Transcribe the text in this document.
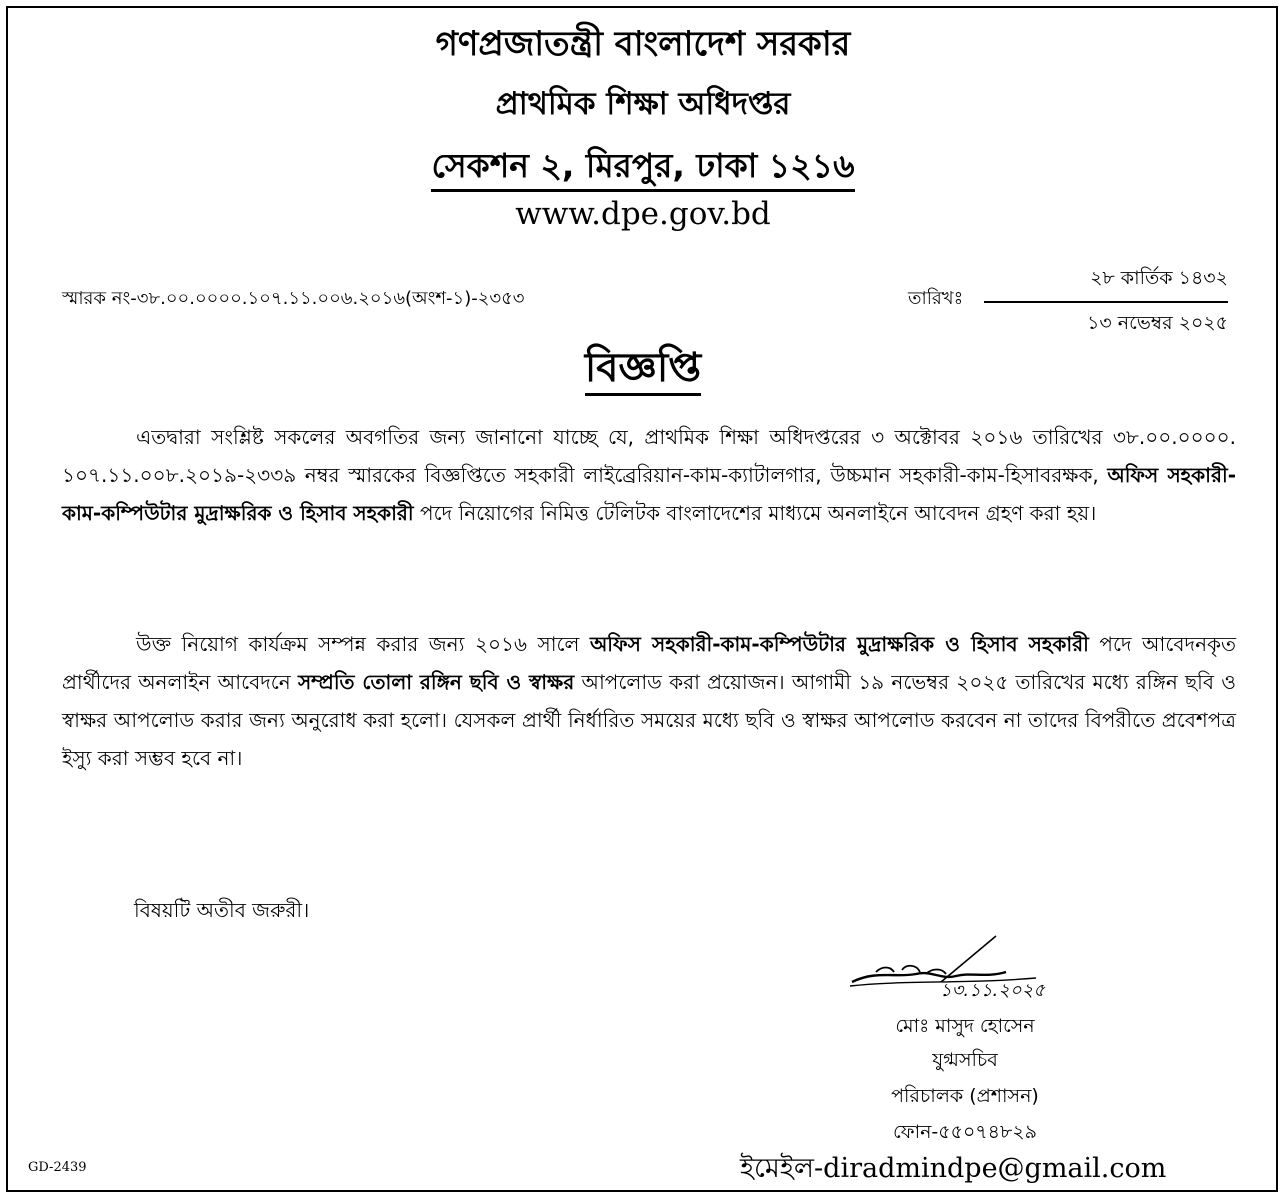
গণপ্রজাতন্ত্রী বাংলাদেশ সরকার
প্রাথমিক শিক্ষা অধিদপ্তর
সেকশন ২, মিরপুর, ঢাকা ১২১৬
www.dpe.gov.bd
স্মারক নং-৩৮.০০.০০০০.১০৭.১১.০০৬.২০১৬(অংশ-১)-২৩৫৩	তারিখঃ
২৮ কার্তিক ১৪৩২
১৩ নভেম্বর ২০২৫
বিজ্ঞপ্তি
এতদ্বারা সংশ্লিষ্ট সকলের অবগতির জন্য জানানো যাচ্ছে যে, প্রাথমিক শিক্ষা অধিদপ্তরের ৩ অক্টোবর ২০১৬ তারিখের ৩৮.০০.০০০০. ১০৭.১১.০০৮.২০১৯-২৩৩৯ নম্বর স্মারকের বিজ্ঞপ্তিতে সহকারী লাইব্রেরিয়ান-কাম-ক্যাটালগার, উচ্চমান সহকারী-কাম-হিসাবরক্ষক, অফিস সহকারী-কাম-কম্পিউটার মুদ্রাক্ষরিক ও হিসাব সহকারী পদে নিয়োগের নিমিত্ত টেলিটক বাংলাদেশের মাধ্যমে অনলাইনে আবেদন গ্রহণ করা হয়।
উক্ত নিয়োগ কার্যক্রম সম্পন্ন করার জন্য ২০১৬ সালে অফিস সহকারী-কাম-কম্পিউটার মুদ্রাক্ষরিক ও হিসাব সহকারী পদে আবেদনকৃত প্রার্থীদের অনলাইন আবেদনে সম্প্রতি তোলা রঙ্গিন ছবি ও স্বাক্ষর আপলোড করা প্রয়োজন। আগামী ১৯ নভেম্বর ২০২৫ তারিখের মধ্যে রঙ্গিন ছবি ও স্বাক্ষর আপলোড করার জন্য অনুরোধ করা হলো। যেসকল প্রার্থী নির্ধারিত সময়ের মধ্যে ছবি ও স্বাক্ষর আপলোড করবেন না তাদের বিপরীতে প্রবেশপত্র ইস্যু করা সম্ভব হবে না।
বিষয়টি অতীব জরুরী।
১৩.১১.২০২৫
মোঃ মাসুদ হোসেন
যুগ্মসচিব
পরিচালক (প্রশাসন)
ফোন-৫৫০৭৪৮২৯
ইমেইল-diradmindpe@gmail.com
GD-2439
